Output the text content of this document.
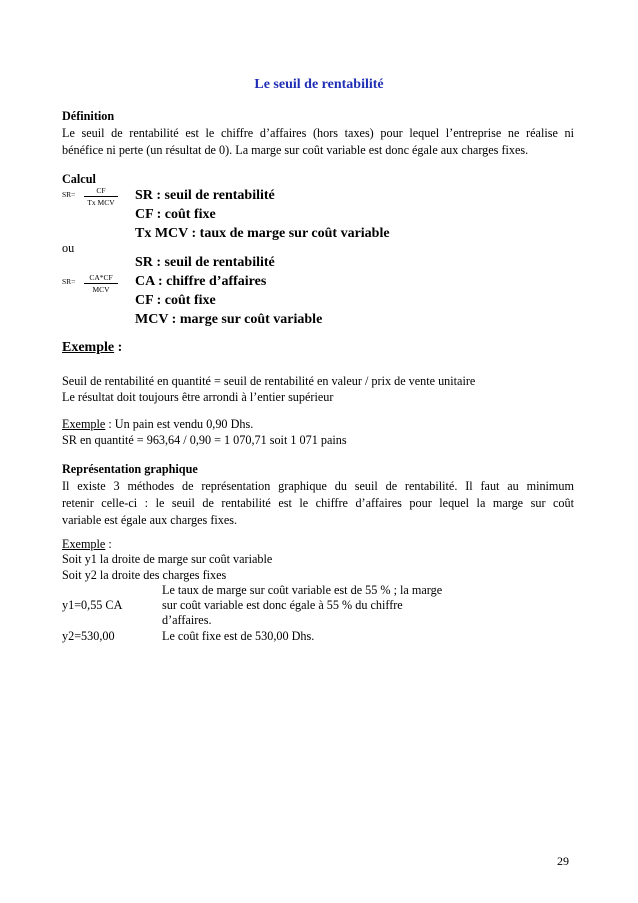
Le seuil de rentabilité
Définition
Le seuil de rentabilité est le chiffre d’affaires (hors taxes) pour lequel l’entreprise ne réalise ni
bénéfice ni perte (un résultat de 0). La marge sur coût variable est donc égale aux charges fixes.
Calcul
SR=	CF
Tx MCV SR : seuil de rentabilité
CF : coût fixe
Tx MCV : taux de marge sur coût variable
ou
SR : seuil de rentabilité
SR=	CA*CF
MCV
CA : chiffre d’affaires
CF : coût fixe
MCV : marge sur coût variable
Exemple :
Seuil de rentabilité en quantité = seuil de rentabilité en valeur / prix de vente unitaire
Le résultat doit toujours être arrondi à l’entier supérieur
Exemple : Un pain est vendu 0,90 Dhs.
SR en quantité = 963,64 / 0,90 = 1 070,71 soit 1 071 pains
Représentation graphique
Il existe 3 méthodes de représentation graphique du seuil de rentabilité. Il faut au minimum
retenir celle-ci : le seuil de rentabilité est le chiffre d’affaires pour lequel la marge sur coût
variable est égale aux charges fixes.
Exemple :
Soit y1 la droite de marge sur coût variable
Soit y2 la droite des charges fixes
Le taux de marge sur coût variable est de 55 % ; la marge
y1=0,55 CA	sur coût variable est donc égale à 55 % du chiffre
d’affaires.
y2=530,00	Le coût fixe est de 530,00 Dhs.
29
